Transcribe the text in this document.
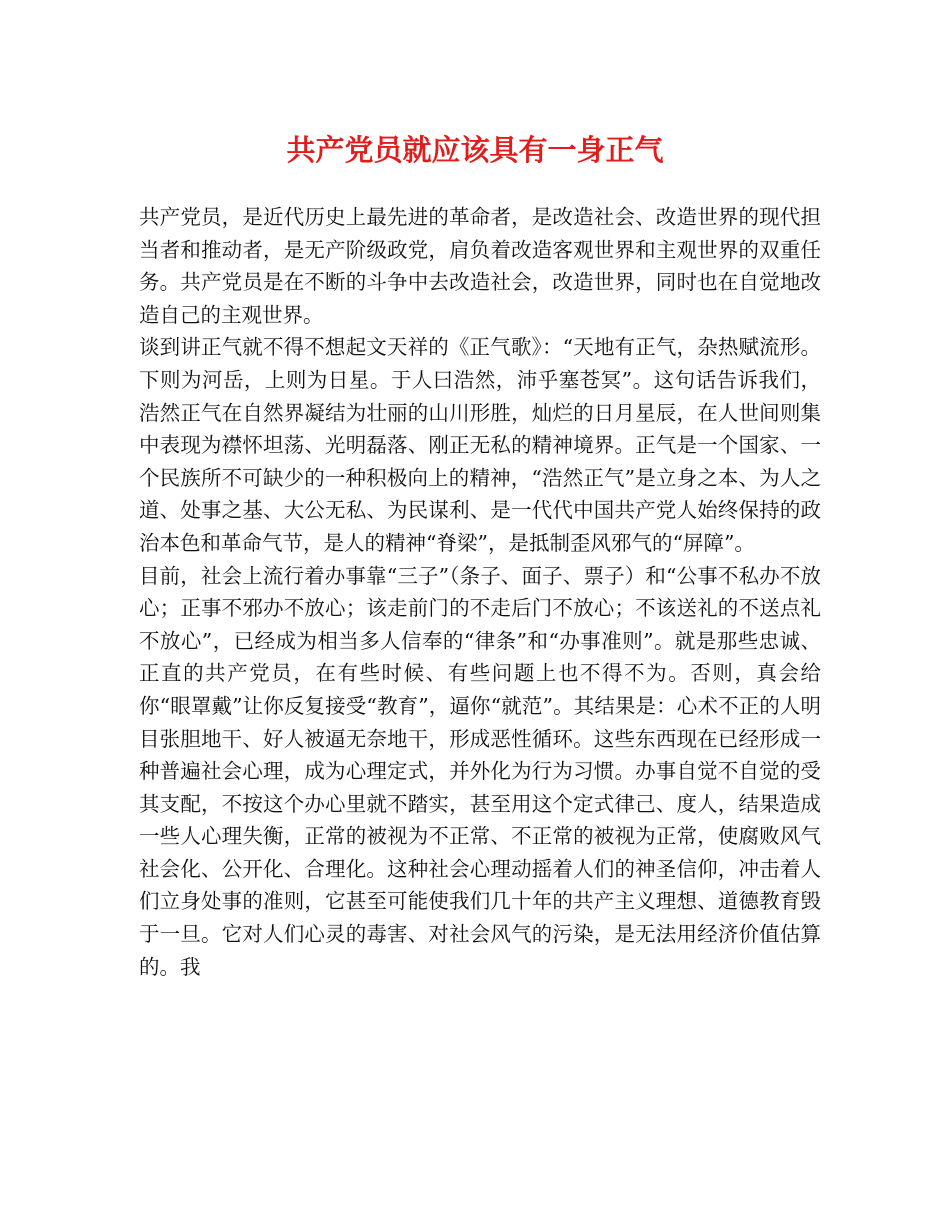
共产党员就应该具有一身正气

共产党员，是近代历史上最先进的革命者，是改造社会、改造世界的现代担当者和推动者，是无产阶级政党，肩负着改造客观世界和主观世界的双重任务。共产党员是在不断的斗争中去改造社会，改造世界，同时也在自觉地改造自己的主观世界。

谈到讲正气就不得不想起文天祥的《正气歌》：“天地有正气，杂热赋流形。下则为河岳，上则为日星。于人曰浩然，沛乎塞苍冥”。这句话告诉我们，浩然正气在自然界凝结为壮丽的山川形胜，灿烂的日月星辰，在人世间则集中表现为襟怀坦荡、光明磊落、刚正无私的精神境界。正气是一个国家、一个民族所不可缺少的一种积极向上的精神，“浩然正气”是立身之本、为人之道、处事之基、大公无私、为民谋利、是一代代中国共产党人始终保持的政治本色和革命气节，是人的精神“脊梁”，是抵制歪风邪气的“屏障”。

目前，社会上流行着办事靠“三子”（条子、面子、票子）和“公事不私办不放心；正事不邪办不放心；该走前门的不走后门不放心；不该送礼的不送点礼不放心”，已经成为相当多人信奉的“律条”和“办事准则”。就是那些忠诚、正直的共产党员，在有些时候、有些问题上也不得不为。否则，真会给你“眼罩戴”让你反复接受“教育”，逼你“就范”。其结果是：心术不正的人明目张胆地干、好人被逼无奈地干，形成恶性循环。这些东西现在已经形成一种普遍社会心理，成为心理定式，并外化为行为习惯。办事自觉不自觉的受其支配，不按这个办心里就不踏实，甚至用这个定式律己、度人，结果造成一些人心理失衡，正常的被视为不正常、不正常的被视为正常，使腐败风气社会化、公开化、合理化。这种社会心理动摇着人们的神圣信仰，冲击着人们立身处事的准则，它甚至可能使我们几十年的共产主义理想、道德教育毁于一旦。它对人们心灵的毒害、对社会风气的污染，是无法用经济价值估算的。我
